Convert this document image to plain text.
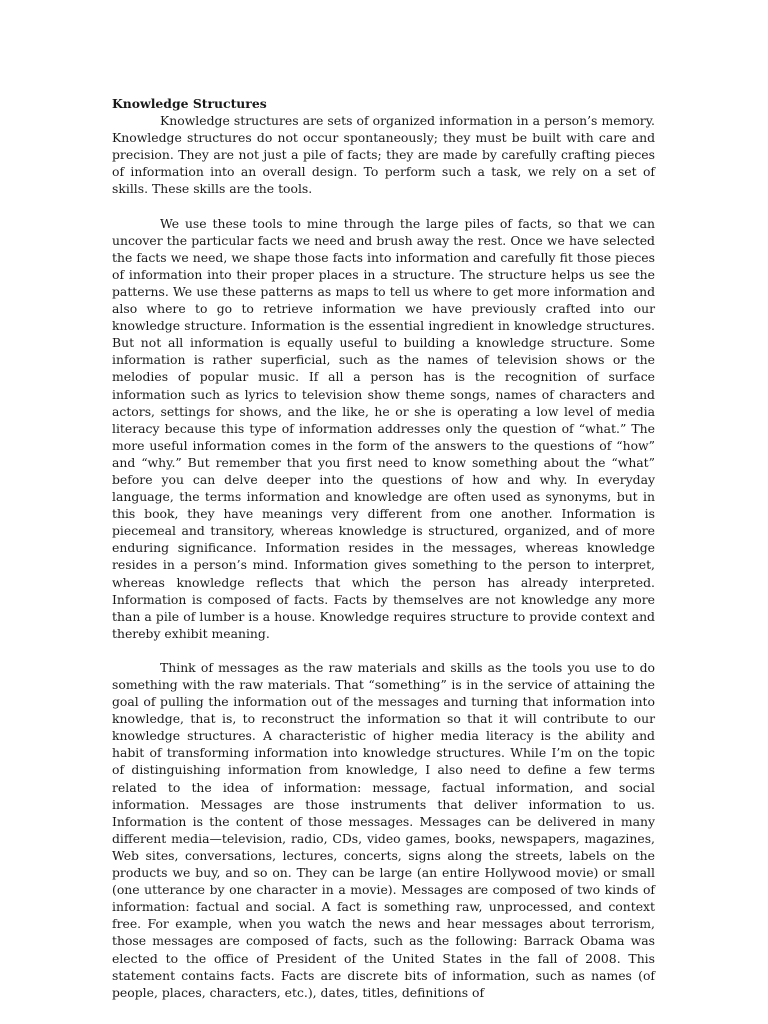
Knowledge Structures

Knowledge structures are sets of organized information in a person’s memory. Knowledge structures do not occur spontaneously; they must be built with care and precision. They are not just a pile of facts; they are made by carefully crafting pieces of information into an overall design. To perform such a task, we rely on a set of skills. These skills are the tools.

We use these tools to mine through the large piles of facts, so that we can uncover the particular facts we need and brush away the rest. Once we have selected the facts we need, we shape those facts into information and carefully fit those pieces of information into their proper places in a structure. The structure helps us see the patterns. We use these patterns as maps to tell us where to get more information and also where to go to retrieve information we have previously crafted into our knowledge structure. Information is the essential ingredient in knowledge structures. But not all information is equally useful to building a knowledge structure. Some information is rather superficial, such as the names of television shows or the melodies of popular music. If all a person has is the recognition of surface information such as lyrics to television show theme songs, names of characters and actors, settings for shows, and the like, he or she is operating a low level of media literacy because this type of information addresses only the question of “what.” The more useful information comes in the form of the answers to the questions of “how” and “why.” But remember that you first need to know something about the “what” before you can delve deeper into the questions of how and why. In everyday language, the terms information and knowledge are often used as synonyms, but in this book, they have meanings very different from one another. Information is piecemeal and transitory, whereas knowledge is structured, organized, and of more enduring significance. Information resides in the messages, whereas knowledge resides in a person’s mind. Information gives something to the person to interpret, whereas knowledge reflects that which the person has already interpreted. Information is composed of facts. Facts by themselves are not knowledge any more than a pile of lumber is a house. Knowledge requires structure to provide context and thereby exhibit meaning.

Think of messages as the raw materials and skills as the tools you use to do something with the raw materials. That “something” is in the service of attaining the goal of pulling the information out of the messages and turning that information into knowledge, that is, to reconstruct the information so that it will contribute to our knowledge structures. A characteristic of higher media literacy is the ability and habit of transforming information into knowledge structures. While I’m on the topic of distinguishing information from knowledge, I also need to define a few terms related to the idea of information: message, factual information, and social information. Messages are those instruments that deliver information to us. Information is the content of those messages. Messages can be delivered in many different media—television, radio, CDs, video games, books, newspapers, magazines, Web sites, conversations, lectures, concerts, signs along the streets, labels on the products we buy, and so on. They can be large (an entire Hollywood movie) or small (one utterance by one character in a movie). Messages are composed of two kinds of information: factual and social. A fact is something raw, unprocessed, and context free. For example, when you watch the news and hear messages about terrorism, those messages are composed of facts, such as the following: Barrack Obama was elected to the office of President of the United States in the fall of 2008. This statement contains facts. Facts are discrete bits of information, such as names (of people, places, characters, etc.), dates, titles, definitions of
